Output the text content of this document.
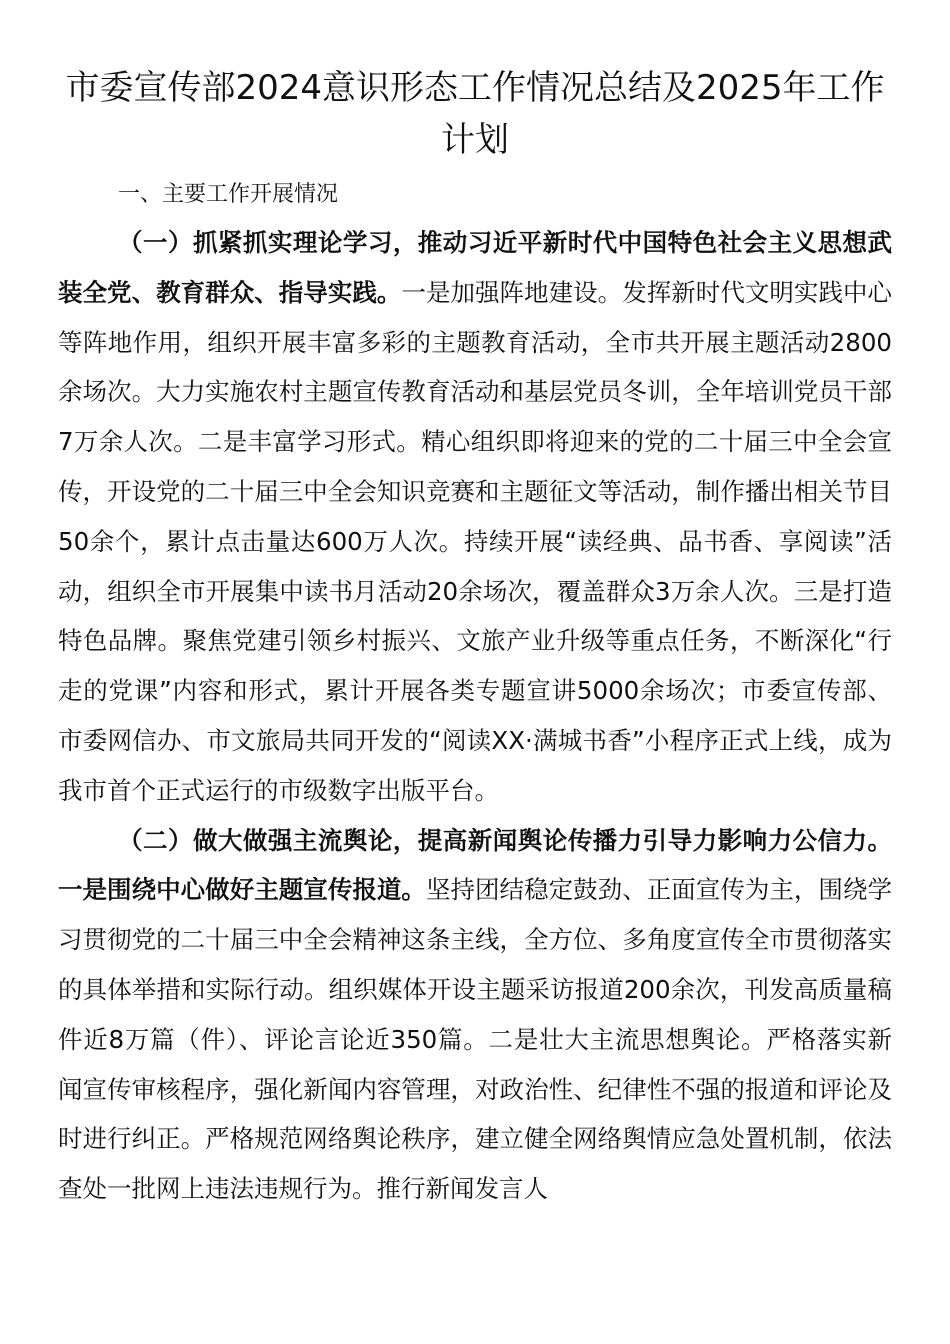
市委宣传部2024意识形态工作情况总结及2025年工作计划

一、主要工作开展情况

（一）抓紧抓实理论学习，推动习近平新时代中国特色社会主义思想武装全党、教育群众、指导实践。一是加强阵地建设。发挥新时代文明实践中心等阵地作用，组织开展丰富多彩的主题教育活动，全市共开展主题活动2800余场次。大力实施农村主题宣传教育活动和基层党员冬训，全年培训党员干部7万余人次。二是丰富学习形式。精心组织即将迎来的党的二十届三中全会宣传，开设党的二十届三中全会知识竞赛和主题征文等活动，制作播出相关节目50余个，累计点击量达600万人次。持续开展“读经典、品书香、享阅读”活动，组织全市开展集中读书月活动20余场次，覆盖群众3万余人次。三是打造特色品牌。聚焦党建引领乡村振兴、文旅产业升级等重点任务，不断深化“行走的党课”内容和形式，累计开展各类专题宣讲5000余场次；市委宣传部、市委网信办、市文旅局共同开发的“阅读XX·满城书香”小程序正式上线，成为我市首个正式运行的市级数字出版平台。

（二）做大做强主流舆论，提高新闻舆论传播力引导力影响力公信力。一是围绕中心做好主题宣传报道。坚持团结稳定鼓劲、正面宣传为主，围绕学习贯彻党的二十届三中全会精神这条主线，全方位、多角度宣传全市贯彻落实的具体举措和实际行动。组织媒体开设主题采访报道200余次，刊发高质量稿件近8万篇（件）、评论言论近350篇。二是壮大主流思想舆论。严格落实新闻宣传审核程序，强化新闻内容管理，对政治性、纪律性不强的报道和评论及时进行纠正。严格规范网络舆论秩序，建立健全网络舆情应急处置机制，依法查处一批网上违法违规行为。推行新闻发言人
